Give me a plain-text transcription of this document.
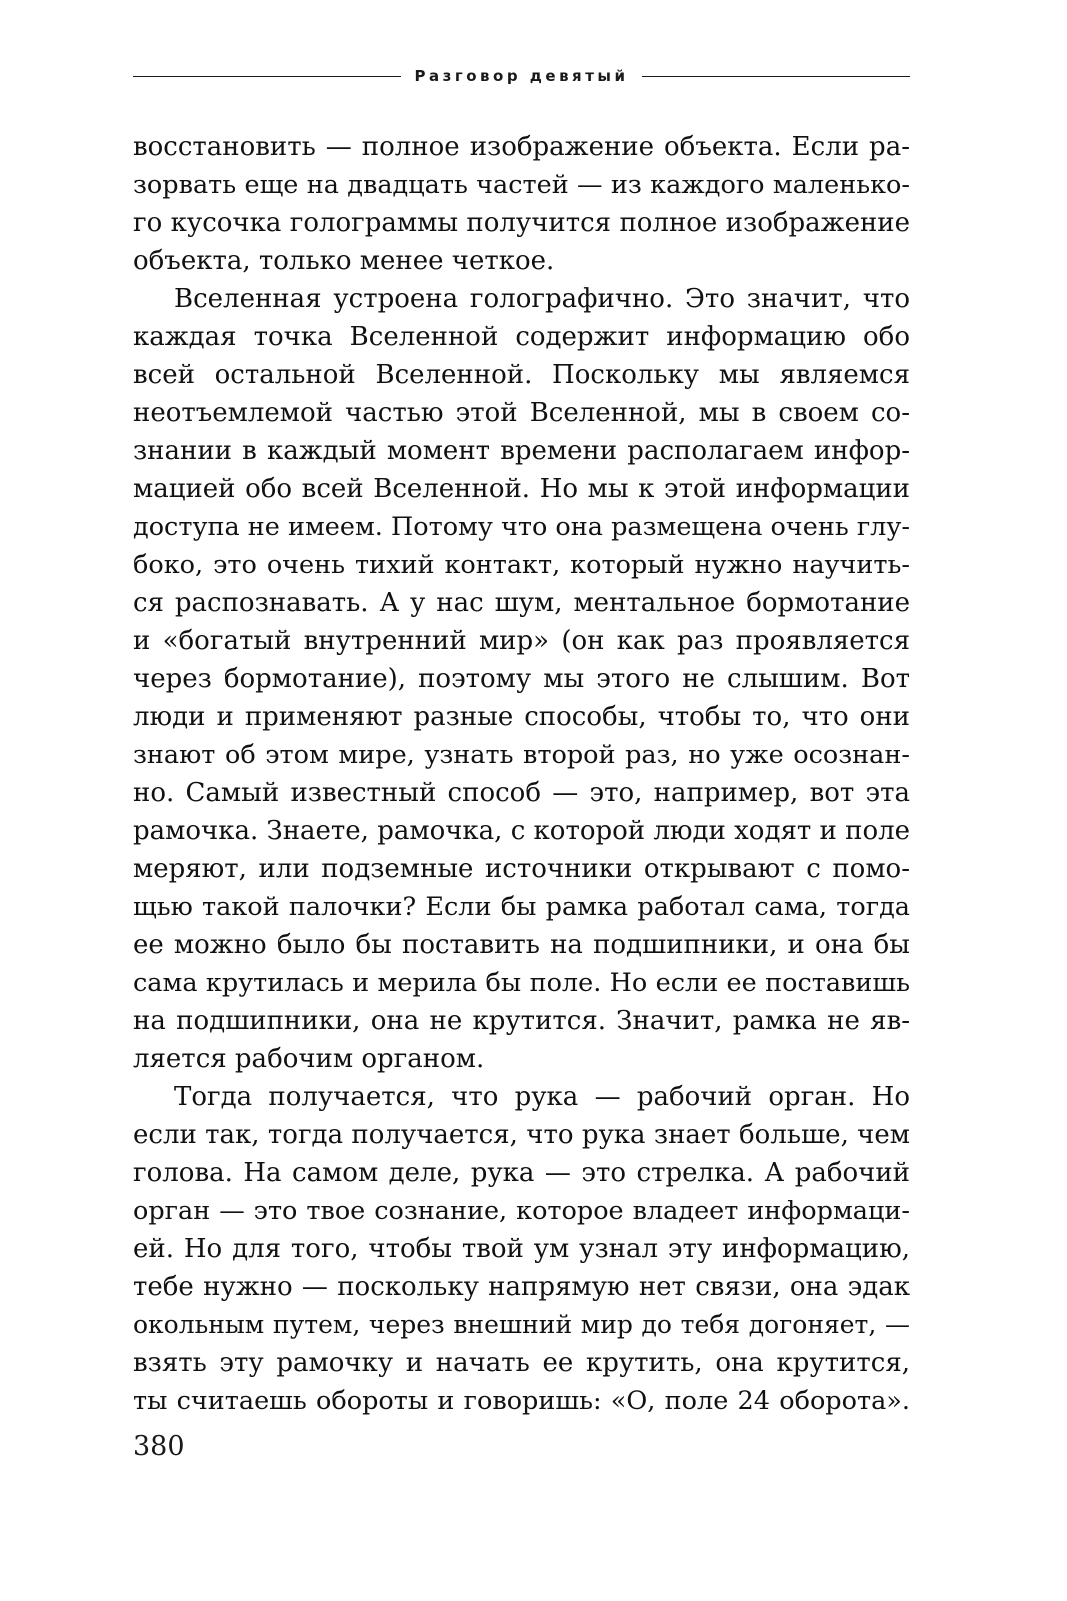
Разговор девятый
восстановить — полное изображение объекта. Если ра-
зорвать еще на двадцать частей — из каждого маленько-
го кусочка голограммы получится полное изображение
объекта, только менее четкое.
Вселенная устроена голографично. Это значит, что
каждая точка Вселенной содержит информацию обо
всей остальной Вселенной. Поскольку мы являемся
неотъемлемой частью этой Вселенной, мы в своем со-
знании в каждый момент времени располагаем инфор-
мацией обо всей Вселенной. Но мы к этой информации
доступа не имеем. Потому что она размещена очень глу-
боко, это очень тихий контакт, который нужно научить-
ся распознавать. А у нас шум, ментальное бормотание
и «богатый внутренний мир» (он как раз проявляется
через бормотание), поэтому мы этого не слышим. Вот
люди и применяют разные способы, чтобы то, что они
знают об этом мире, узнать второй раз, но уже осознан-
но. Самый известный способ — это, например, вот эта
рамочка. Знаете, рамочка, с которой люди ходят и поле
меряют, или подземные источники открывают с помо-
щью такой палочки? Если бы рамка работал сама, тогда
ее можно было бы поставить на подшипники, и она бы
сама крутилась и мерила бы поле. Но если ее поставишь
на подшипники, она не крутится. Значит, рамка не яв-
ляется рабочим органом.
Тогда получается, что рука — рабочий орган. Но
если так, тогда получается, что рука знает больше, чем
голова. На самом деле, рука — это стрелка. А рабочий
орган — это твое сознание, которое владеет информаци-
ей. Но для того, чтобы твой ум узнал эту информацию,
тебе нужно — поскольку напрямую нет связи, она эдак
окольным путем, через внешний мир до тебя догоняет, —
взять эту рамочку и начать ее крутить, она крутится,
ты считаешь обороты и говоришь: «О, поле 24 оборота».
380
